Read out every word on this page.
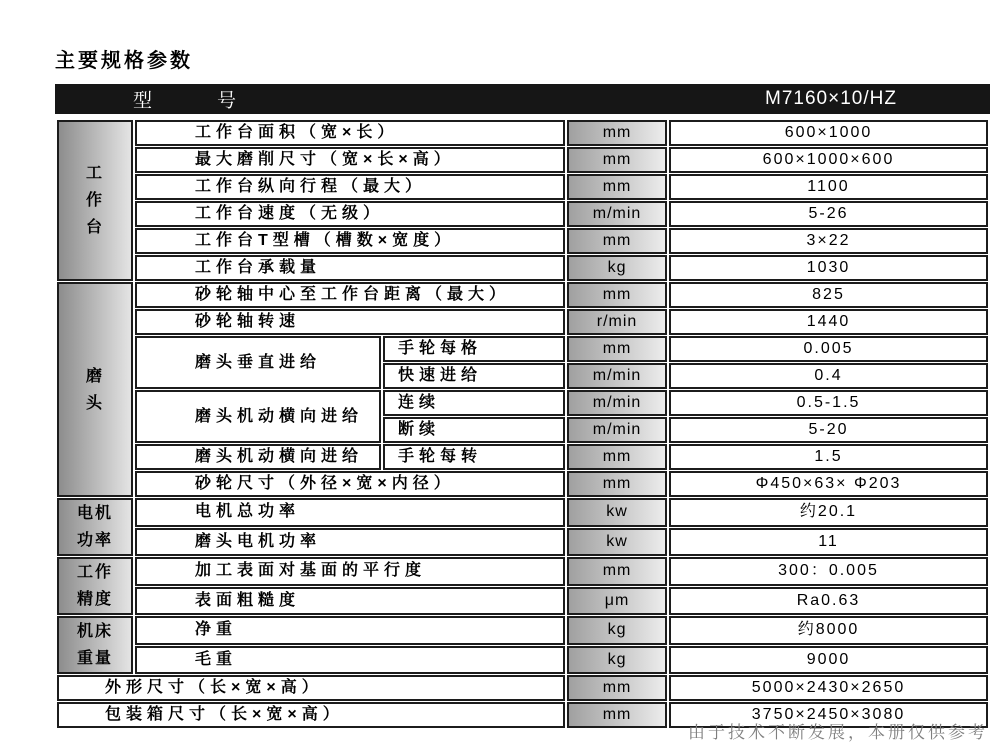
主要规格参数
型　　　号	M7160×10/HZ
工
作
台	工作台面积（宽×长）		mm	600×1000
	最大磨削尺寸（宽×长×高）		mm	600×1000×600
	工作台纵向行程（最大）		mm	1100
	工作台速度（无级）		m/min	5-26
	工作台T型槽（槽数×宽度）		mm	3×22
	工作台承载量		kg	1030

磨
头	砂轮轴中心至工作台距离（最大）		mm	825
	砂轮轴转速		r/min	1440
	磨头垂直进给	手轮每格	mm	0.005
		快速进给	m/min	0.4
	磨头机动横向进给	连续	m/min	0.5-1.5
		断续	m/min	5-20
	磨头机动横向进给	手轮每转	mm	1.5
	砂轮尺寸（外径×宽×内径）		mm	Φ450×63× Φ203

电机
功率	电机总功率		kw	约20.1
	磨头电机功率		kw	11

工作
精度	加工表面对基面的平行度		mm	300：0.005
	表面粗糙度		μm	Ra0.63

机床
重量	净重		kg	约8000
	毛重		kg	9000
外形尺寸（长×宽×高）			mm	5000×2430×2650
包装箱尺寸（长×宽×高）			mm	3750×2450×3080
由于技术不断发展，本册仅供参考
